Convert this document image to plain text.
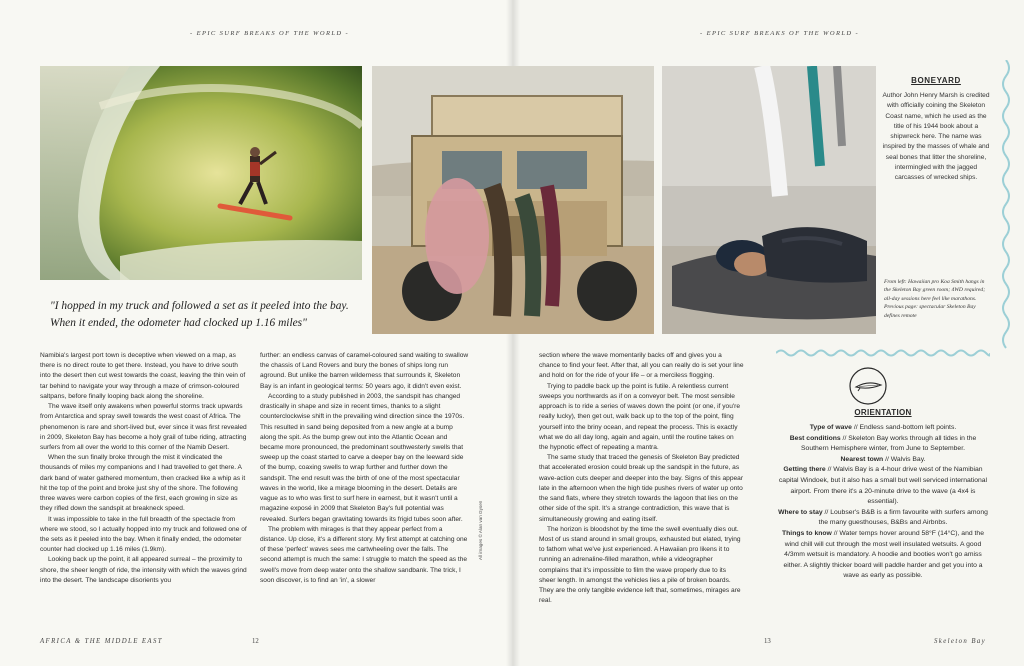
- EPIC SURF BREAKS OF THE WORLD -	- EPIC SURF BREAKS OF THE WORLD -
"I hopped in my truck and followed a set as it peeled into the bay. When it ended, the odometer had clocked up 1.16 miles"
BONEYARD

Author John Henry Marsh is credited with officially coining the Skeleton Coast name, which he used as the title of his 1944 book about a shipwreck here. The name was inspired by the masses of whale and seal bones that litter the shoreline, intermingled with the jagged carcasses of wrecked ships.

From left: Hawaiian pro Koa Smith hangs in the Skeleton Bay green room; 4WD required; all-day sessions here feel like marathons. Previous page: spectacular Skeleton Bay defines remote

Namibia's largest port town is deceptive when viewed on a map, as there is no direct route to get there. Instead, you have to drive south into the desert then cut west towards the coast, leaving the thin vein of tar behind to navigate your way through a maze of crimson-coloured saltpans, before finally looping back along the shoreline.

The wave itself only awakens when powerful storms track upwards from Antarctica and spray swell towards the west coast of Africa. The phenomenon is rare and short-lived but, ever since it was first revealed in 2009, Skeleton Bay has become a holy grail of tube riding, attracting surfers from all over the world to this corner of the Namib Desert.

When the sun finally broke through the mist it vindicated the thousands of miles my companions and I had travelled to get there. A dark band of water gathered momentum, then cracked like a whip as it hit the top of the point and broke just shy of the shore. The following three waves were carbon copies of the first, each growing in size as they rifled down the sandspit at breakneck speed.

It was impossible to take in the full breadth of the spectacle from where we stood, so I actually hopped into my truck and followed one of the sets as it peeled into the bay. When it finally ended, the odometer counter had clocked up 1.16 miles (1.9km).

Looking back up the point, it all appeared surreal – the proximity to shore, the sheer length of ride, the intensity with which the waves grind into the desert. The landscape disorients you

further: an endless canvas of caramel-coloured sand waiting to swallow the chassis of Land Rovers and bury the bones of ships long run aground. But unlike the barren wilderness that surrounds it, Skeleton Bay is an infant in geological terms: 50 years ago, it didn't even exist.

According to a study published in 2003, the sandspit has changed drastically in shape and size in recent times, thanks to a slight counterclockwise shift in the prevailing wind direction since the 1970s. This resulted in sand being deposited from a new angle at a bump along the spit. As the bump grew out into the Atlantic Ocean and became more pronounced, the predominant southwesterly swells that sweep up the coast started to carve a deeper bay on the leeward side of the bump, coaxing swells to wrap further and further down the sandspit. The end result was the birth of one of the most spectacular waves in the world, like a mirage blooming in the desert. Details are vague as to who was first to surf here in earnest, but it wasn't until a magazine exposé in 2009 that Skeleton Bay's full potential was revealed. Surfers began gravitating towards its frigid tubes soon after.

The problem with mirages is that they appear perfect from a distance. Up close, it's a different story. My first attempt at catching one of these 'perfect' waves sees me cartwheeling over the falls. The second attempt is much the same: I struggle to match the speed as the swell's move from deep water onto the shallow sandbank. The trick, I soon discover, is to find an 'in', a slower

All images © Alan van Gysen

section where the wave momentarily backs off and gives you a chance to find your feet. After that, all you can really do is set your line and hold on for the ride of your life – or a merciless flogging.

Trying to paddle back up the point is futile. A relentless current sweeps you northwards as if on a conveyor belt. The most sensible approach is to ride a series of waves down the point (or one, if you're really lucky), then get out, walk back up to the top of the point, fling yourself into the briny ocean, and repeat the process. This is exactly what we do all day long, again and again, until the routine takes on the hypnotic effect of repeating a mantra.

The same study that traced the genesis of Skeleton Bay predicted that accelerated erosion could break up the sandspit in the future, as wave-action cuts deeper and deeper into the bay. Signs of this appear late in the afternoon when the high tide pushes rivers of water up onto the sand flats, where they stretch towards the lagoon that lies on the other side of the spit. It's a strange contradiction, this wave that is simultaneously growing and eating itself.

The horizon is bloodshot by the time the swell eventually dies out. Most of us stand around in small groups, exhausted but elated, trying to fathom what we've just experienced. A Hawaiian pro likens it to running an adrenaline-filled marathon, while a videographer complains that it's impossible to film the wave properly due to its sheer length. In amongst the vehicles lies a pile of broken boards. They are the only tangible evidence left that, sometimes, mirages are real.

ORIENTATION
Type of wave // Endless sand-bottom left points.
Best conditions // Skeleton Bay works through all tides in the Southern Hemisphere winter, from June to September.
Nearest town // Walvis Bay.
Getting there // Walvis Bay is a 4-hour drive west of the Namibian capital Windoek, but it also has a small but well serviced international airport. From there it's a 20-minute drive to the wave (a 4x4 is essential).
Where to stay // Loubser's B&B is a firm favourite with surfers among the many guesthouses, B&Bs and Airbnbs.
Things to know // Water temps hover around 58°F (14°C), and the wind chill will cut through the most well insulated wetsuits. A good 4/3mm wetsuit is mandatory. A hoodie and booties won't go amiss either. A slightly thicker board will paddle harder and get you into a wave as early as possible.
AFRICA & THE MIDDLE EAST	12	13	Skeleton Bay
